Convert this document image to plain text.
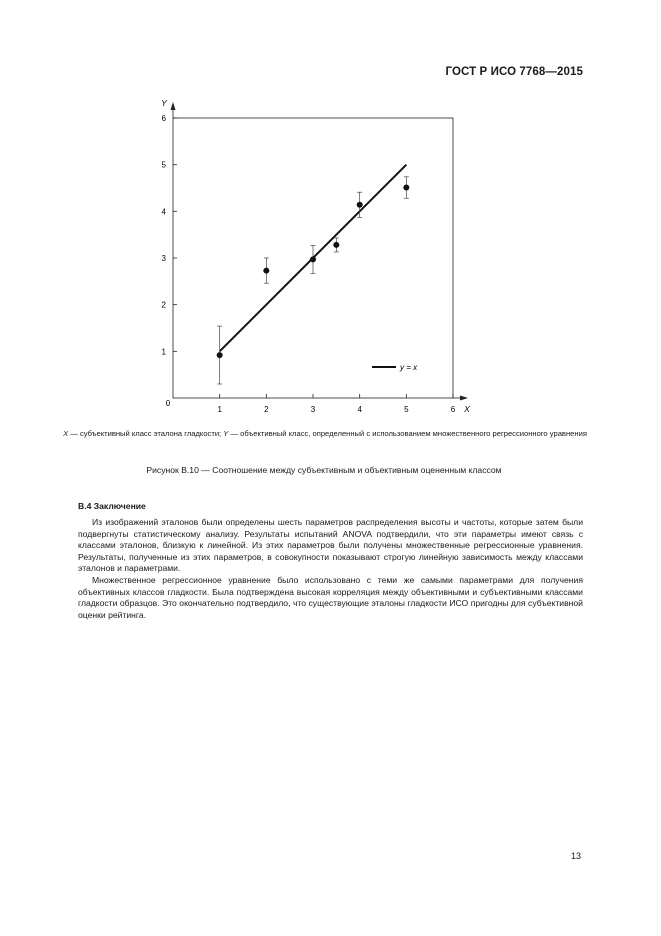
ГОСТ Р ИСО 7768—2015
Y
X
0
1	2	3	4	5	6
1
2
3
4
5
6
y = x
X — субъективный класс эталона гладкости; Y — объективный класс, определенный с использованием множественного регрессионного уравнения
Рисунок В.10 — Соотношение между субъективным и объективным оцененным классом
В.4 Заключение

Из изображений эталонов были определены шесть параметров распределения высоты и частоты, которые затем были подвергнуты статистическому анализу. Результаты испытаний ANOVA подтвердили, что эти параметры имеют связь с классами эталонов, близкую к линейной. Из этих параметров были получены множественные регрессионные уравнения. Результаты, полученные из этих параметров, в совокупности показывают строгую линейную зависимость между классами эталонов и параметрами.

Множественное регрессионное уравнение было использовано с теми же самыми параметрами для получения объективных классов гладкости. Была подтверждена высокая корреляция между объективными и субъективными классами гладкости образцов. Это окончательно подтвердило, что существующие эталоны гладкости ИСО пригодны для субъективной оценки рейтинга.

13
